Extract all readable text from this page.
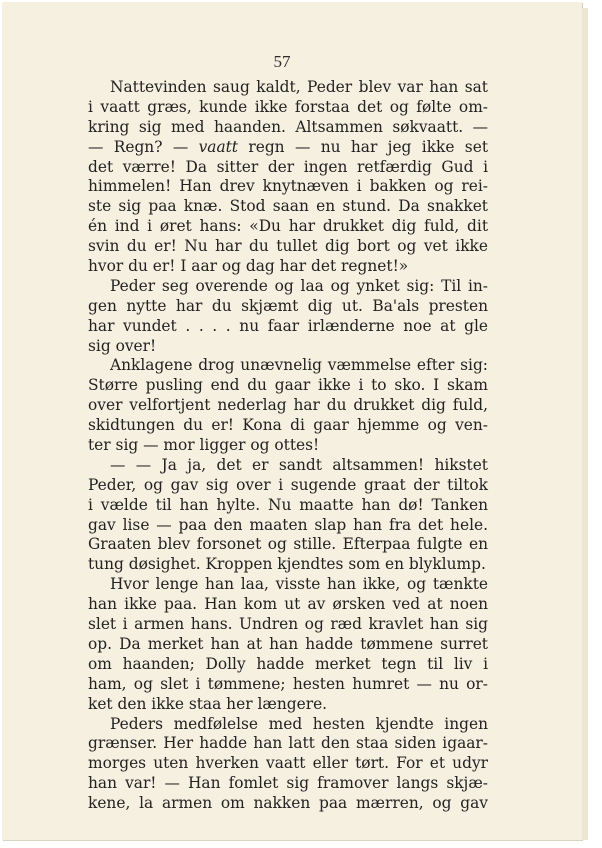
57
Nattevinden saug kaldt, Peder blev var han sat
i vaatt græs, kunde ikke forstaa det og følte om-
kring sig med haanden. Altsammen søkvaatt. —
— Regn? — vaatt regn — nu har jeg ikke set
det værre! Da sitter der ingen retfærdig Gud i
himmelen! Han drev knytnæven i bakken og rei-
ste sig paa knæ. Stod saan en stund. Da snakket
én ind i øret hans: «Du har drukket dig fuld, dit
svin du er! Nu har du tullet dig bort og vet ikke
hvor du er! I aar og dag har det regnet!»
Peder seg overende og laa og ynket sig: Til in-
gen nytte har du skjæmt dig ut. Ba'als presten
har vundet . . . . nu faar irlænderne noe at gle
sig over!
Anklagene drog unævnelig væmmelse efter sig:
Større pusling end du gaar ikke i to sko. I skam
over velfortjent nederlag har du drukket dig fuld,
skidtungen du er! Kona di gaar hjemme og ven-
ter sig — mor ligger og ottes!
— — Ja ja, det er sandt altsammen! hikstet
Peder, og gav sig over i sugende graat der tiltok
i vælde til han hylte. Nu maatte han dø! Tanken
gav lise — paa den maaten slap han fra det hele.
Graaten blev forsonet og stille. Efterpaa fulgte en
tung døsighet. Kroppen kjendtes som en blyklump.
Hvor lenge han laa, visste han ikke, og tænkte
han ikke paa. Han kom ut av ørsken ved at noen
slet i armen hans. Undren og ræd kravlet han sig
op. Da merket han at han hadde tømmene surret
om haanden; Dolly hadde merket tegn til liv i
ham, og slet i tømmene; hesten humret — nu or-
ket den ikke staa her længere.
Peders medfølelse med hesten kjendte ingen
grænser. Her hadde han latt den staa siden igaar-
morges uten hverken vaatt eller tørt. For et udyr
han var! — Han fomlet sig framover langs skjæ-
kene, la armen om nakken paa mærren, og gav
